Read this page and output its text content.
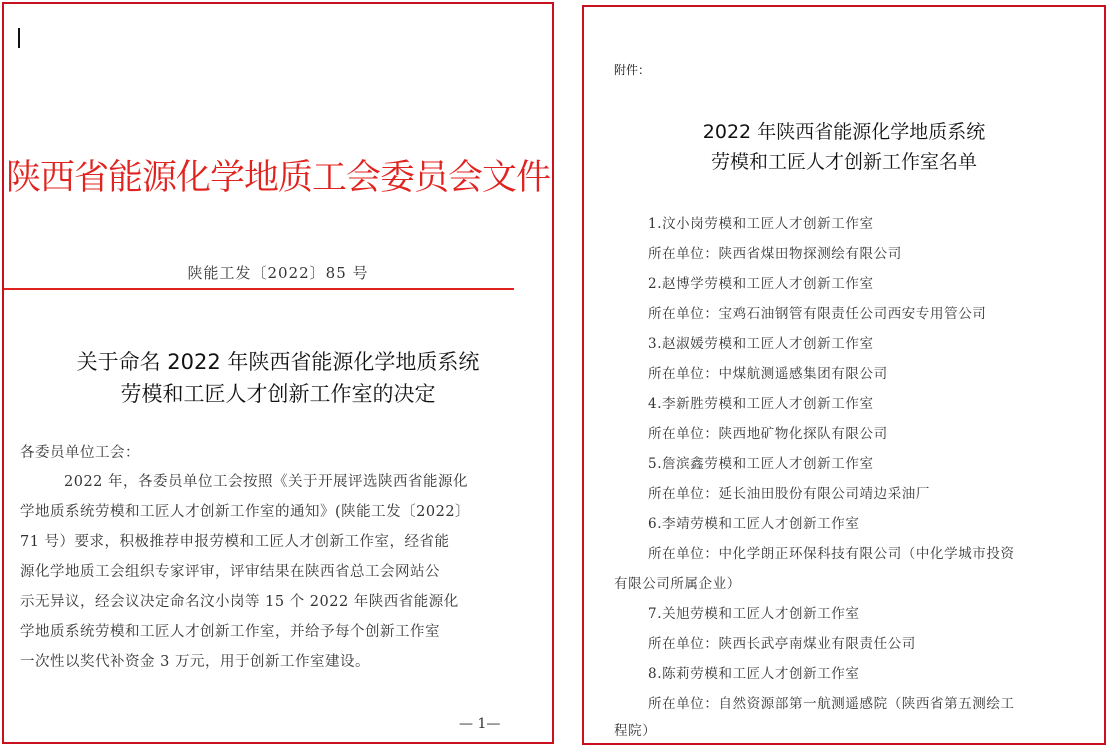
陕西省能源化学地质工会委员会文件
陕能工发〔2022〕85 号
关于命名 2022 年陕西省能源化学地质系统
劳模和工匠人才创新工作室的决定
各委员单位工会：
2022 年，各委员单位工会按照《关于开展评选陕西省能源化
学地质系统劳模和工匠人才创新工作室的通知》(陕能工发〔2022〕
71 号）要求，积极推荐申报劳模和工匠人才创新工作室，经省能
源化学地质工会组织专家评审，评审结果在陕西省总工会网站公
示无异议，经会议决定命名汶小岗等 15 个 2022 年陕西省能源化
学地质系统劳模和工匠人才创新工作室，并给予每个创新工作室
一次性以奖代补资金 3 万元，用于创新工作室建设。
— 1—
附件：
2022 年陕西省能源化学地质系统
劳模和工匠人才创新工作室名单
1.汶小岗劳模和工匠人才创新工作室
所在单位：陕西省煤田物探测绘有限公司
2.赵博学劳模和工匠人才创新工作室
所在单位：宝鸡石油钢管有限责任公司西安专用管公司
3.赵淑媛劳模和工匠人才创新工作室
所在单位：中煤航测遥感集团有限公司
4.李新胜劳模和工匠人才创新工作室
所在单位：陕西地矿物化探队有限公司
5.詹滨鑫劳模和工匠人才创新工作室
所在单位：延长油田股份有限公司靖边采油厂
6.李靖劳模和工匠人才创新工作室
所在单位：中化学朗正环保科技有限公司（中化学城市投资
有限公司所属企业）
7.关旭劳模和工匠人才创新工作室
所在单位：陕西长武亭南煤业有限责任公司
8.陈莉劳模和工匠人才创新工作室
所在单位：自然资源部第一航测遥感院（陕西省第五测绘工
程院）
